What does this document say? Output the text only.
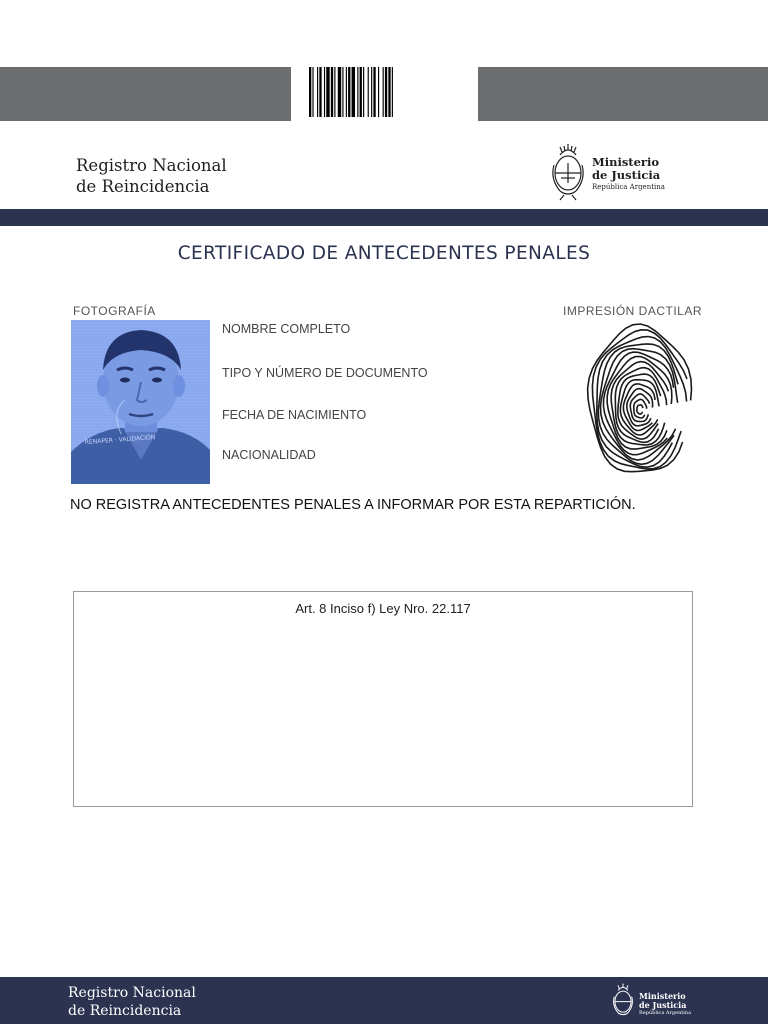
Registro Nacional
de Reincidencia
Ministerio
de Justicia
República Argentina
CERTIFICADO DE ANTECEDENTES PENALES
FOTOGRAFÍA	IMPRESIÓN DACTILAR
RENAPER · VALIDACIÓN
NOMBRE COMPLETO
TIPO Y NÚMERO DE DOCUMENTO
FECHA DE NACIMIENTO
NACIONALIDAD
NO REGISTRA ANTECEDENTES PENALES A INFORMAR POR ESTA REPARTICIÓN.
Art. 8 Inciso f) Ley Nro. 22.117
Registro Nacional
de Reincidencia
Ministerio
de Justicia
República Argentina
